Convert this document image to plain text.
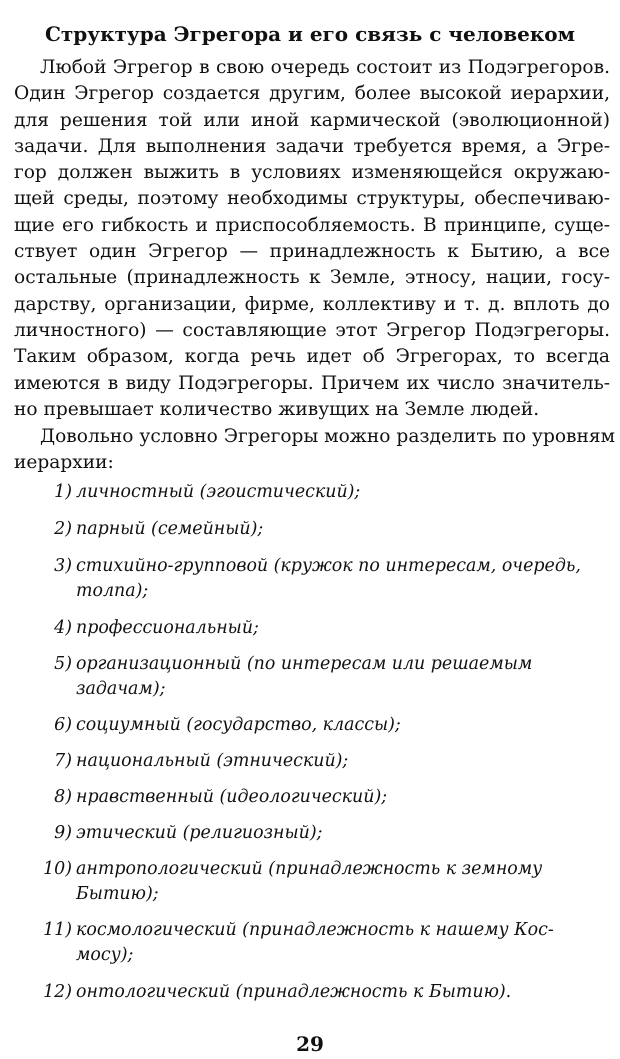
Структура Эгрегора и его связь с человеком
Любой Эгрегор в свою очередь состоит из Подэгрегоров.
Один Эгрегор создается другим, более высокой иерархии,
для решения той или иной кармической (эволюционной)
задачи. Для выполнения задачи требуется время, а Эгре-
гор должен выжить в условиях изменяющейся окружаю-
щей среды, поэтому необходимы структуры, обеспечиваю-
щие его гибкость и приспособляемость. В принципе, суще-
ствует один Эгрегор — принадлежность к Бытию, а все
остальные (принадлежность к Земле, этносу, нации, госу-
дарству, организации, фирме, коллективу и т. д. вплоть до
личностного) — составляющие этот Эгрегор Подэгрегоры.
Таким образом, когда речь идет об Эгрегорах, то всегда
имеются в виду Подэгрегоры. Причем их число значитель-
но превышает количество живущих на Земле людей.
Довольно условно Эгрегоры можно разделить по уровням
иерархии:
1) личностный (эгоистический);
2) парный (семейный);
3) стихийно-групповой (кружок по интересам, очередь,
толпа);
4) профессиональный;
5) организационный (по интересам или решаемым
задачам);
6) социумный (государство, классы);
7) национальный (этнический);
8) нравственный (идеологический);
9) этический (религиозный);
10) антропологический (принадлежность к земному
Бытию);
11) космологический (принадлежность к нашему Кос-
мосу);
12) онтологический (принадлежность к Бытию).
29
